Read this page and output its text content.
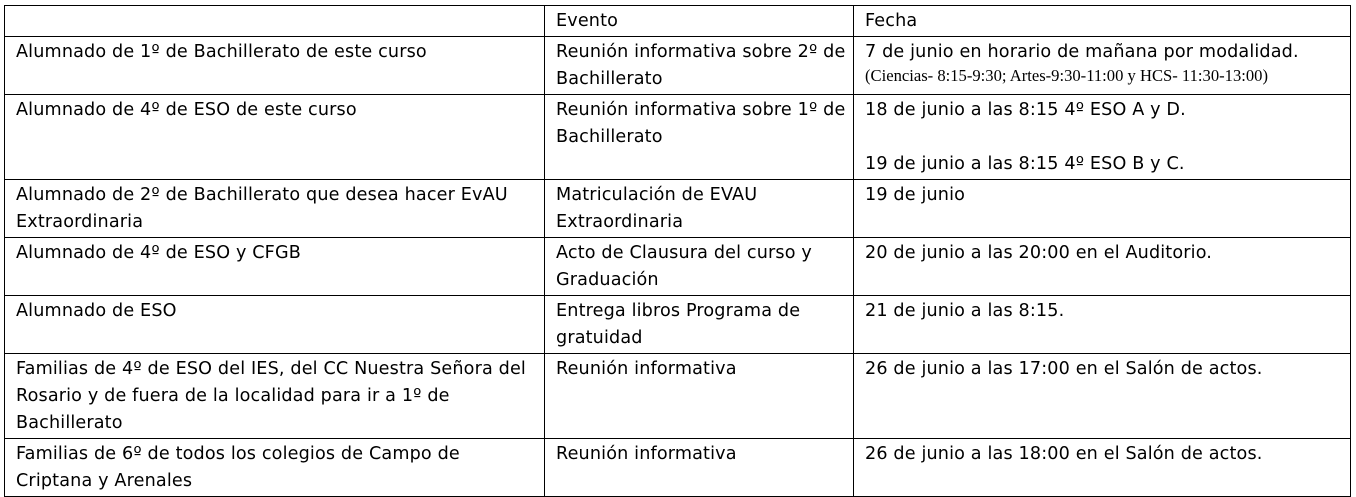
	Evento	Fecha
Alumnado de 1º de Bachillerato de este curso	Reunión informativa sobre 2º de Bachillerato	7 de junio en horario de mañana por modalidad.
(Ciencias- 8:15-9:30; Artes-9:30-11:00 y HCS- 11:30-13:00)

Alumnado de 4º de ESO de este curso	Reunión informativa sobre 1º de Bachillerato	18 de junio a las 8:15 4º ESO A y D.
19 de junio a las 8:15 4º ESO B y C.

Alumnado de 2º de Bachillerato que desea hacer EvAU Extraordinaria	Matriculación de EVAU Extraordinaria	19 de junio
Alumnado de 4º de ESO y CFGB	Acto de Clausura del curso y Graduación	20 de junio a las 20:00 en el Auditorio.
Alumnado de ESO	Entrega libros Programa de gratuidad	21 de junio a las 8:15.
Familias de 4º de ESO del IES, del CC Nuestra Señora del Rosario y de fuera de la localidad para ir a 1º de Bachillerato	Reunión informativa	26 de junio a las 17:00 en el Salón de actos.
Familias de 6º de todos los colegios de Campo de Criptana y Arenales	Reunión informativa	26 de junio a las 18:00 en el Salón de actos.
